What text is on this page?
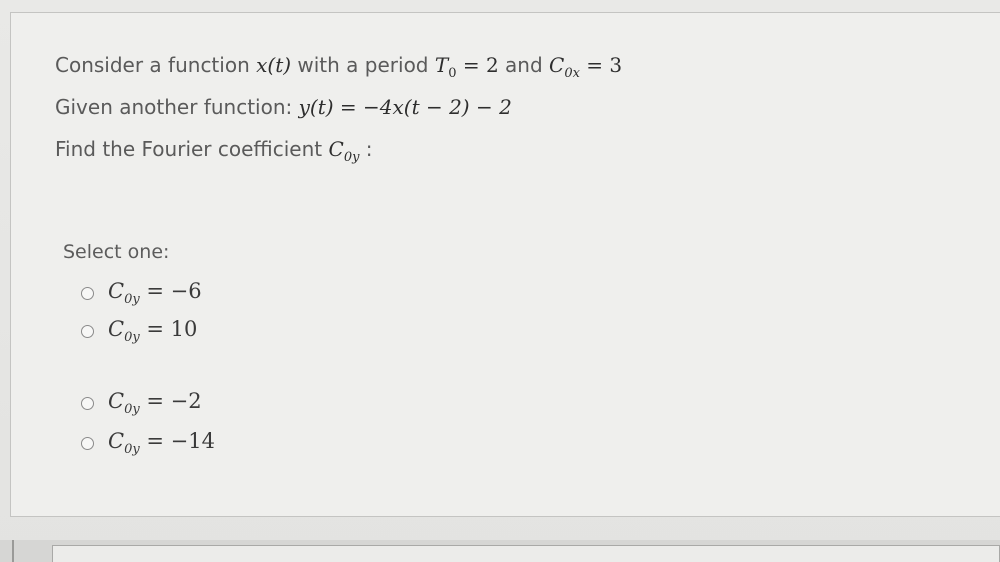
Consider a function x(t) with a period $T_0 = 2$ and $C_{0x} = 3$
Given another function: y(t) = −4x(t − 2) − 2
Find the Fourier coefficient $C_{0y}$ :
Select one:
$C_{0y} = -6$
$C_{0y} = 10$
$C_{0y} = -2$
$C_{0y} = -14$
